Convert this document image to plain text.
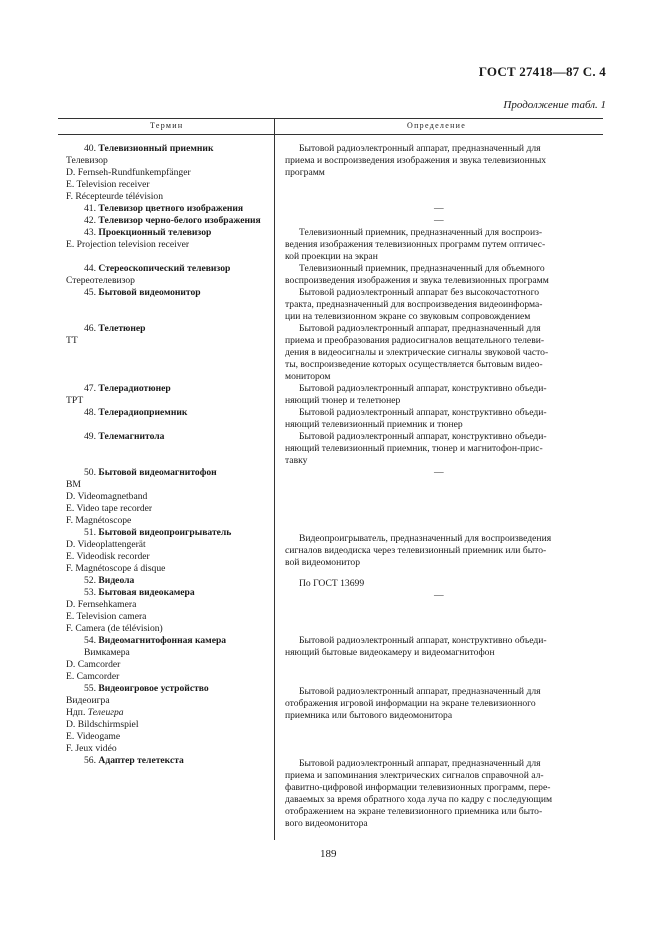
ГОСТ 27418—87 С. 4
Продолжение табл. 1
Термин	Определение
40. Телевизионный приемник
Телевизор
D. Fernseh-Rundfunkempfänger
E. Television receiver
F. Récepteurde télévision
41. Телевизор цветного изображения
42. Телевизор черно-белого изображения
43. Проекционный телевизор
E. Projection television receiver
44. Стереоскопический телевизор
Стереотелевизор
45. Бытовой видеомонитор
46. Телетюнер
ТТ
47. Телерадиотюнер
ТРТ
48. Телерадиоприемник
49. Телемагнитола
50. Бытовой видеомагнитофон
ВМ
D. Videomagnetband
E. Video tape recorder
F. Magnétoscope
51. Бытовой видеопроигрыватель
D. Videoplattengerät
E. Videodisk recorder
F. Magnétoscope á disque
52. Видеола
53. Бытовая видеокамера
D. Fernsehkamera
E. Television camera
F. Camera (de télévision)
54. Видеомагнитофонная камера
Вимкамера
D. Camcorder
E. Camcorder
55. Видеоигровое устройство
Видеоигра
Ндп. Телеигра
D. Bildschirmspiel
E. Videogame
F. Jeux vidéo
56. Адаптер телетекста
Бытовой радиоэлектронный аппарат, предназначенный для
приема и воспроизведения изображения и звука телевизионных
программ
—
—
Телевизионный приемник, предназначенный для воспроиз-
ведения изображения телевизионных программ путем оптичес-
кой проекции на экран
Телевизионный приемник, предназначенный для объемного
воспроизведения изображения и звука телевизионных программ
Бытовой радиоэлектронный аппарат без высокочастотного
тракта, предназначенный для воспроизведения видеоинформа-
ции на телевизионном экране со звуковым сопровождением
Бытовой радиоэлектронный аппарат, предназначенный для
приема и преобразования радиосигналов вещательного телеви-
дения в видеосигналы и электрические сигналы звуковой часто-
ты, воспроизведение которых осуществляется бытовым видео-
монитором
Бытовой радиоэлектронный аппарат, конструктивно объеди-
няющий тюнер и телетюнер
Бытовой радиоэлектронный аппарат, конструктивно объеди-
няющий телевизионный приемник и тюнер
Бытовой радиоэлектронный аппарат, конструктивно объеди-
няющий телевизионный приемник, тюнер и магнитофон-прис-
тавку
—
Видеопроигрыватель, предназначенный для воспроизведения
сигналов видеодиска через телевизионный приемник или быто-
вой видеомонитор
По ГОСТ 13699
—
Бытовой радиоэлектронный аппарат, конструктивно объеди-
няющий бытовые видеокамеру и видеомагнитофон
Бытовой радиоэлектронный аппарат, предназначенный для
отображения игровой информации на экране телевизионного
приемника или бытового видеомонитора
Бытовой радиоэлектронный аппарат, предназначенный для
приема и запоминания электрических сигналов справочной ал-
фавитно-цифровой информации телевизионных программ, пере-
даваемых за время обратного хода луча по кадру с последующим
отображением на экране телевизионного приемника или быто-
вого видеомонитора
189
